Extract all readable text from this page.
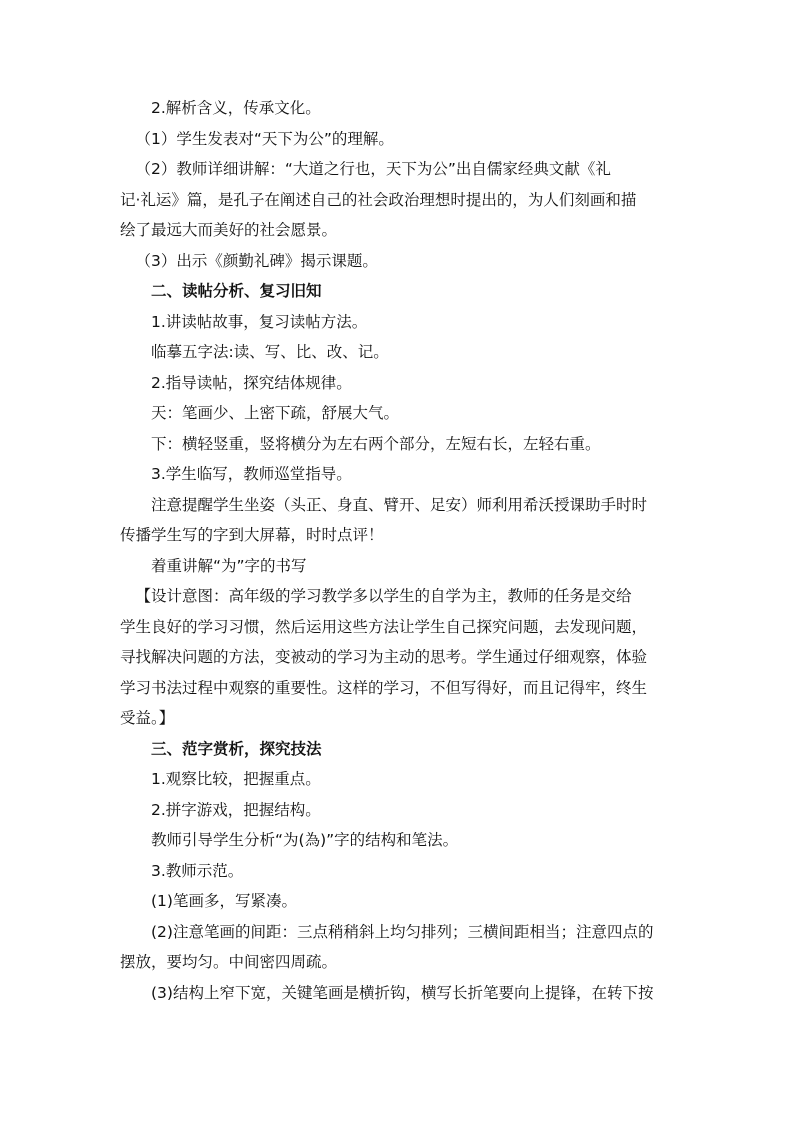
2.解析含义，传承文化。

（1）学生发表对“天下为公”的理解。

（2）教师详细讲解：“大道之行也，天下为公”出自儒家经典文献《礼

记·礼运》篇，是孔子在阐述自己的社会政治理想时提出的，为人们刻画和描

绘了最远大而美好的社会愿景。

（3）出示《颜勤礼碑》揭示课题。

二、读帖分析、复习旧知

1.讲读帖故事，复习读帖方法。

临摹五字法:读、写、比、改、记。

2.指导读帖，探究结体规律。

天：笔画少、上密下疏，舒展大气。

下：横轻竖重，竖将横分为左右两个部分，左短右长，左轻右重。

3.学生临写，教师巡堂指导。

注意提醒学生坐姿（头正、身直、臂开、足安）师利用希沃授课助手时时

传播学生写的字到大屏幕，时时点评！

着重讲解“为”字的书写

【设计意图：高年级的学习教学多以学生的自学为主，教师的任务是交给

学生良好的学习习惯，然后运用这些方法让学生自己探究问题，去发现问题，

寻找解决问题的方法，变被动的学习为主动的思考。学生通过仔细观察，体验

学习书法过程中观察的重要性。这样的学习，不但写得好，而且记得牢，终生

受益。】

三、范字赏析，探究技法

1.观察比较，把握重点。

2.拼字游戏，把握结构。

教师引导学生分析“为(為)”字的结构和笔法。

3.教师示范。

(1)笔画多，写紧凑。

(2)注意笔画的间距：三点稍稍斜上均匀排列；三横间距相当；注意四点的

摆放，要均匀。中间密四周疏。

(3)结构上窄下宽，关键笔画是横折钩，横写长折笔要向上提锋，在转下按
